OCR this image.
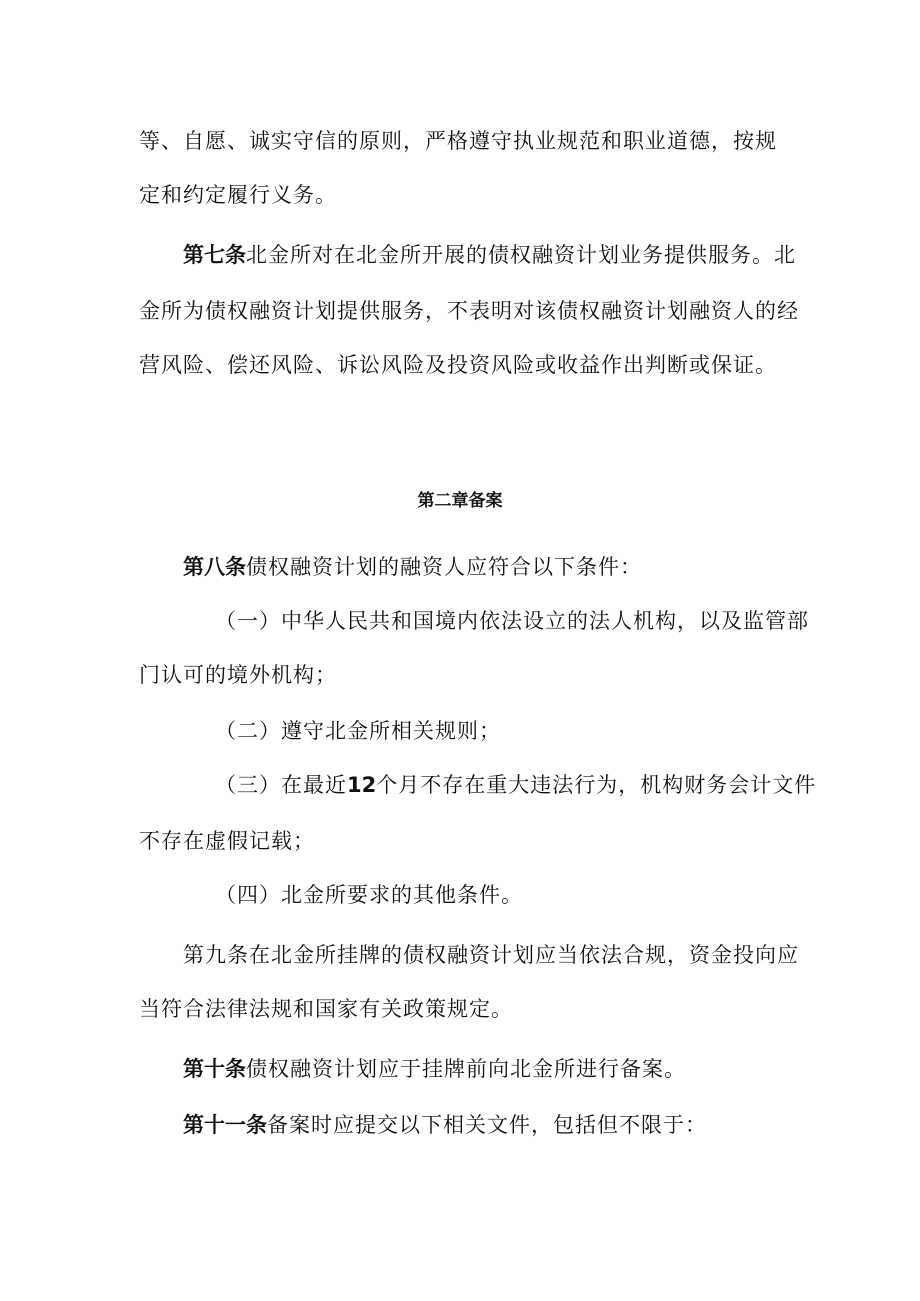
等、自愿、诚实守信的原则，严格遵守执业规范和职业道德，按规
定和约定履行义务。
第七条北金所对在北金所开展的债权融资计划业务提供服务。北
金所为债权融资计划提供服务，不表明对该债权融资计划融资人的经
营风险、偿还风险、诉讼风险及投资风险或收益作出判断或保证。
第二章备案
第八条债权融资计划的融资人应符合以下条件：
（一）中华人民共和国境内依法设立的法人机构，以及监管部
门认可的境外机构；
（二）遵守北金所相关规则；
（三）在最近12个月不存在重大违法行为，机构财务会计文件
不存在虚假记载；
（四）北金所要求的其他条件。
第九条在北金所挂牌的债权融资计划应当依法合规，资金投向应
当符合法律法规和国家有关政策规定。
第十条债权融资计划应于挂牌前向北金所进行备案。
第十一条备案时应提交以下相关文件，包括但不限于：
